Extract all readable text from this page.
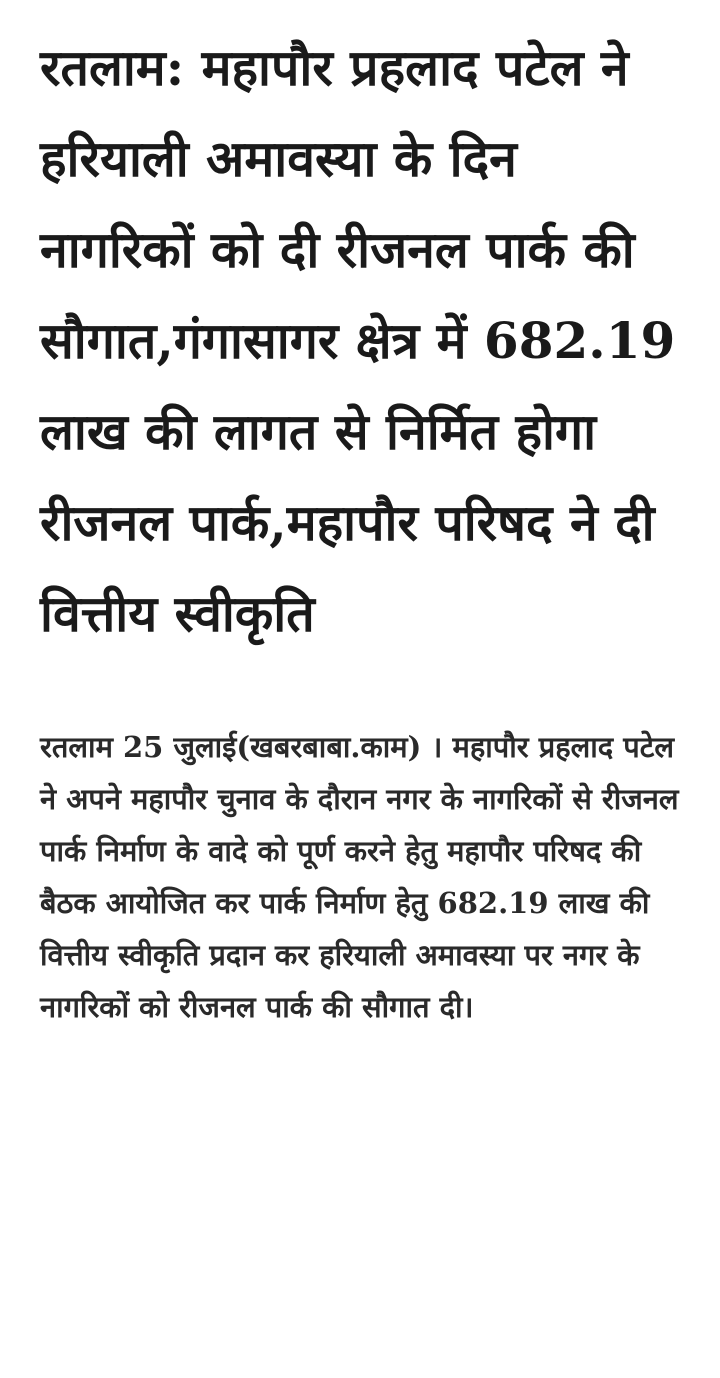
रतलाम: महापौर प्रहलाद पटेल ने हरियाली अमावस्या के दिन नागरिकों को दी रीजनल पार्क की सौगात,गंगासागर क्षेत्र में 682.19 लाख की लागत से निर्मित होगा रीजनल पार्क,महापौर परिषद ने दी वित्तीय स्वीकृति

रतलाम 25 जुलाई(खबरबाबा.काम) । महापौर प्रहलाद पटेल ने अपने महापौर चुनाव के दौरान नगर के नागरिकों से रीजनल पार्क निर्माण के वादे को पूर्ण करने हेतु महापौर परिषद की बैठक आयोजित कर पार्क निर्माण हेतु 682.19 लाख की वित्तीय स्वीकृति प्रदान कर हरियाली अमावस्या पर नगर के नागरिकों को रीजनल पार्क की सौगात दी।
